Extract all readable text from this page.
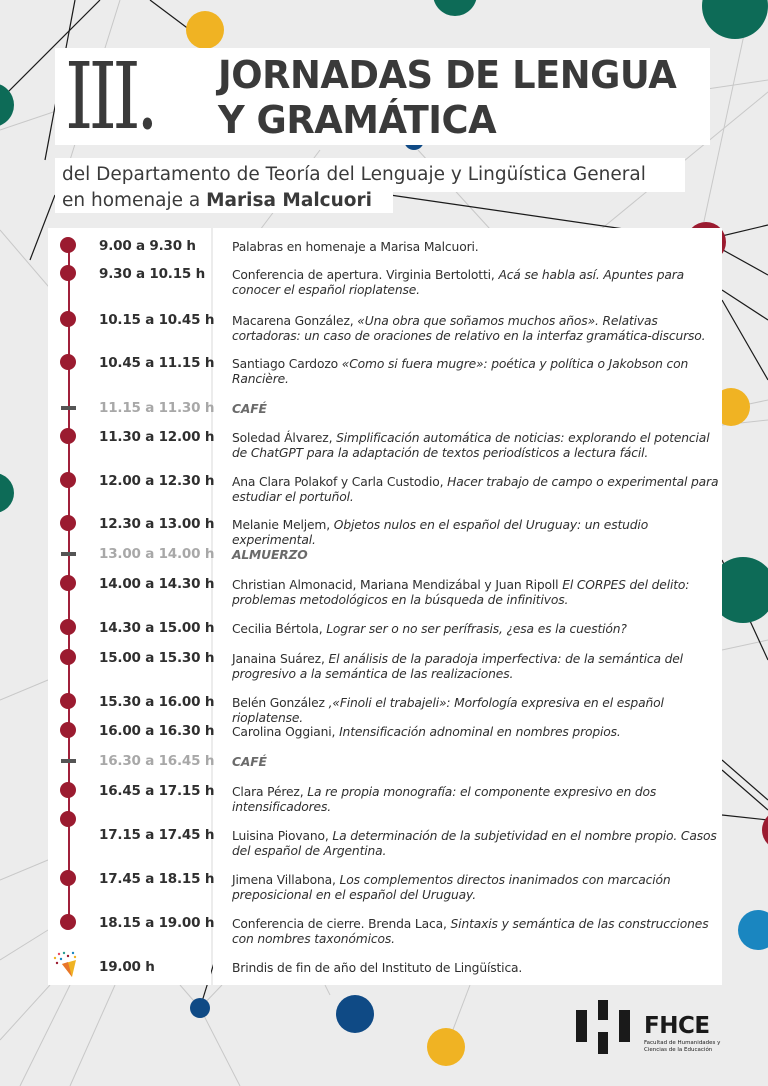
III. JORNADAS DE LENGUA
Y GRAMÁTICA
del Departamento de Teoría del Lenguaje y Lingüística General
en homenaje a Marisa Malcuori
9.00 a 9.30 h	Palabras en homenaje a Marisa Malcuori.
9.30 a 10.15 h Conferencia de apertura. Virginia Bertolotti, Acá se habla así. Apuntes para conocer el español rioplatense.
10.15 a 10.45 h Macarena González, «Una obra que soñamos muchos años». Relativas cortadoras: un caso de oraciones de relativo en la interfaz gramática-discurso.
10.45 a 11.15 h Santiago Cardozo «Como si fuera mugre»: poética y política o Jakobson con Rancière.
11.15 a 11.30 h CAFÉ
11.30 a 12.00 h Soledad Álvarez, Simplificación automática de noticias: explorando el potencial de ChatGPT para la adaptación de textos periodísticos a lectura fácil.
12.00 a 12.30 h Ana Clara Polakof y Carla Custodio, Hacer trabajo de campo o experimental para estudiar el portuñol.
12.30 a 13.00 h Melanie Meljem, Objetos nulos en el español del Uruguay: un estudio experimental.
13.00 a 14.00 h ALMUERZO
14.00 a 14.30 h Christian Almonacid, Mariana Mendizábal y Juan Ripoll El CORPES del delito: problemas metodológicos en la búsqueda de infinitivos.
14.30 a 15.00 h Cecilia Bértola, Lograr ser o no ser perífrasis, ¿esa es la cuestión?
15.00 a 15.30 h Janaina Suárez, El análisis de la paradoja imperfectiva: de la semántica del progresivo a la semántica de las realizaciones.
15.30 a 16.00 h Belén González ,«Finoli el trabajeli»: Morfología expresiva en el español rioplatense.
16.00 a 16.30 h Carolina Oggiani, Intensificación adnominal en nombres propios.
16.30 a 16.45 h CAFÉ
16.45 a 17.15 h Clara Pérez, La re propia monografía: el componente expresivo en dos intensificadores.
17.15 a 17.45 h Luisina Piovano, La determinación de la subjetividad en el nombre propio. Casos del español de Argentina.
17.45 a 18.15 h Jimena Villabona, Los complementos directos inanimados con marcación preposicional en el español del Uruguay.
18.15 a 19.00 h Conferencia de cierre. Brenda Laca, Sintaxis y semántica de las construcciones con nombres taxonómicos.
19.00 h	Brindis de fin de año del Instituto de Lingüística.
FHCE
Facultad de Humanidades y Ciencias de la Educación
